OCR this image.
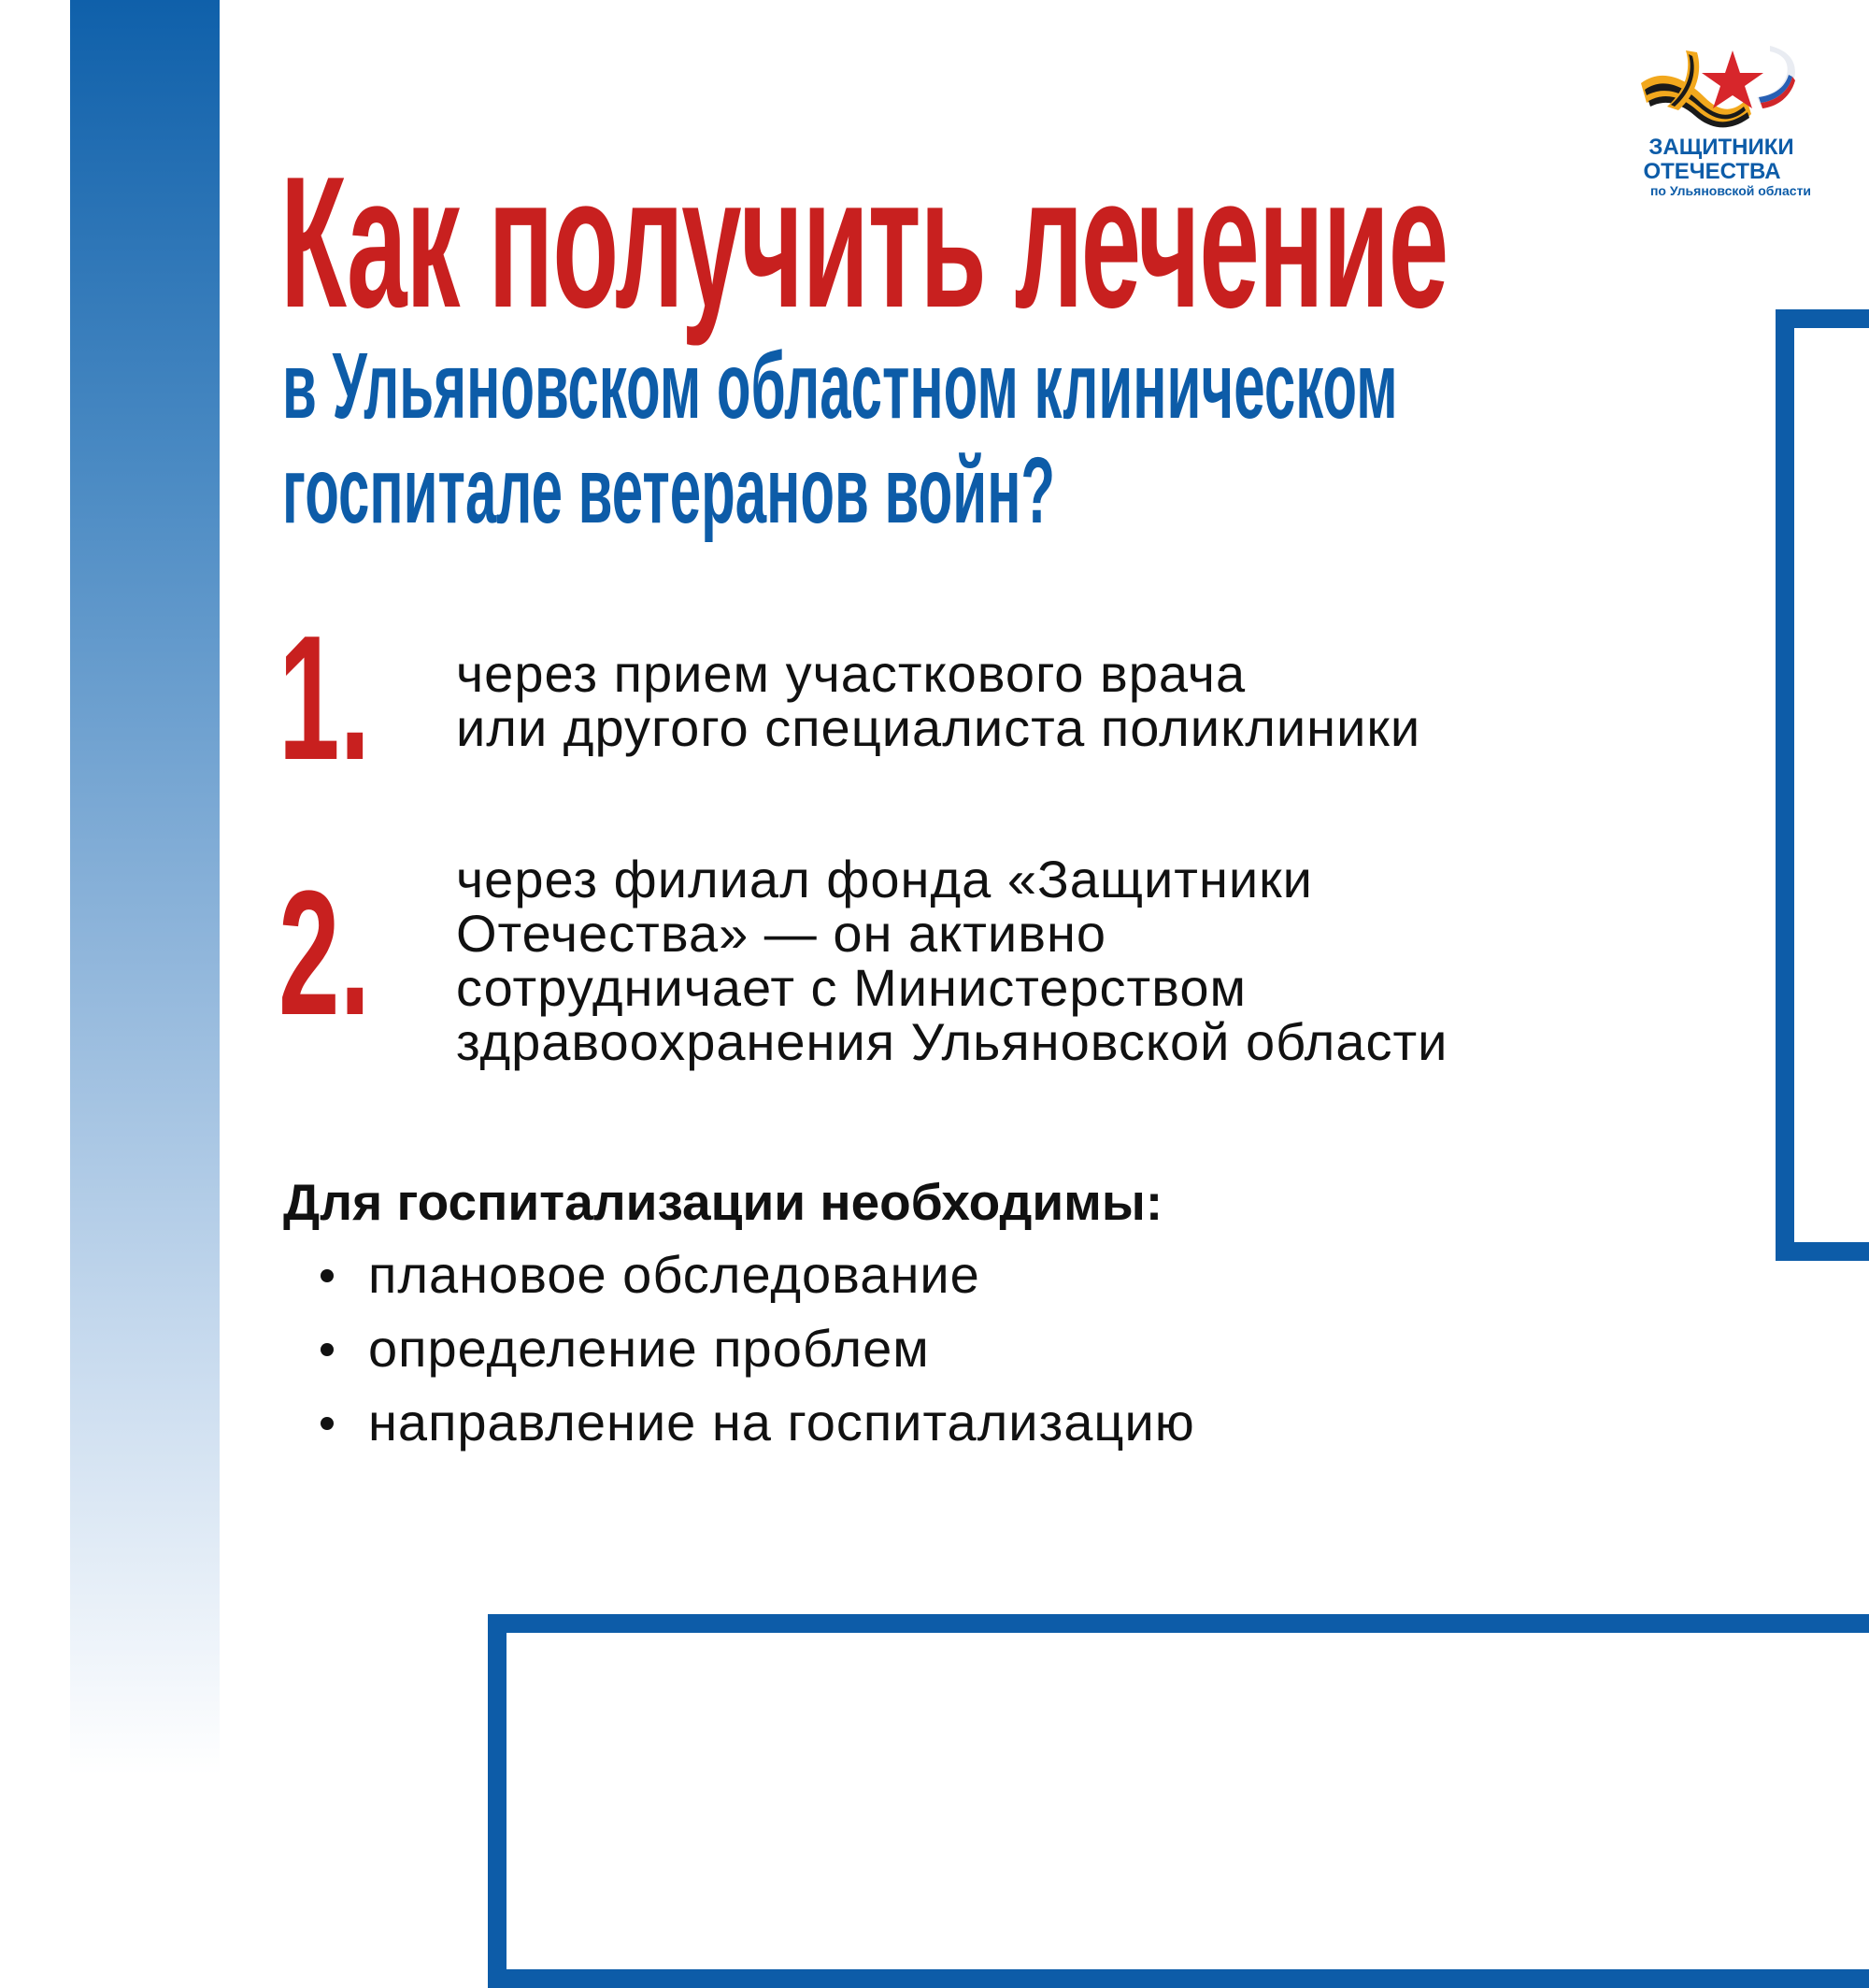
ЗАЩИТНИКИ
ОТЕЧЕСТВА
по Ульяновской области
Как получить лечение
в Ульяновском областном клиническом
госпитале ветеранов войн?
1. через прием участкового врача
или другого специалиста поликлиники
2. через филиал фонда «Защитники
Отечества» — он активно
сотрудничает с Министерством
здравоохранения Ульяновской области
Для госпитализации необходимы:
плановое обследование
определение проблем
направление на госпитализацию
